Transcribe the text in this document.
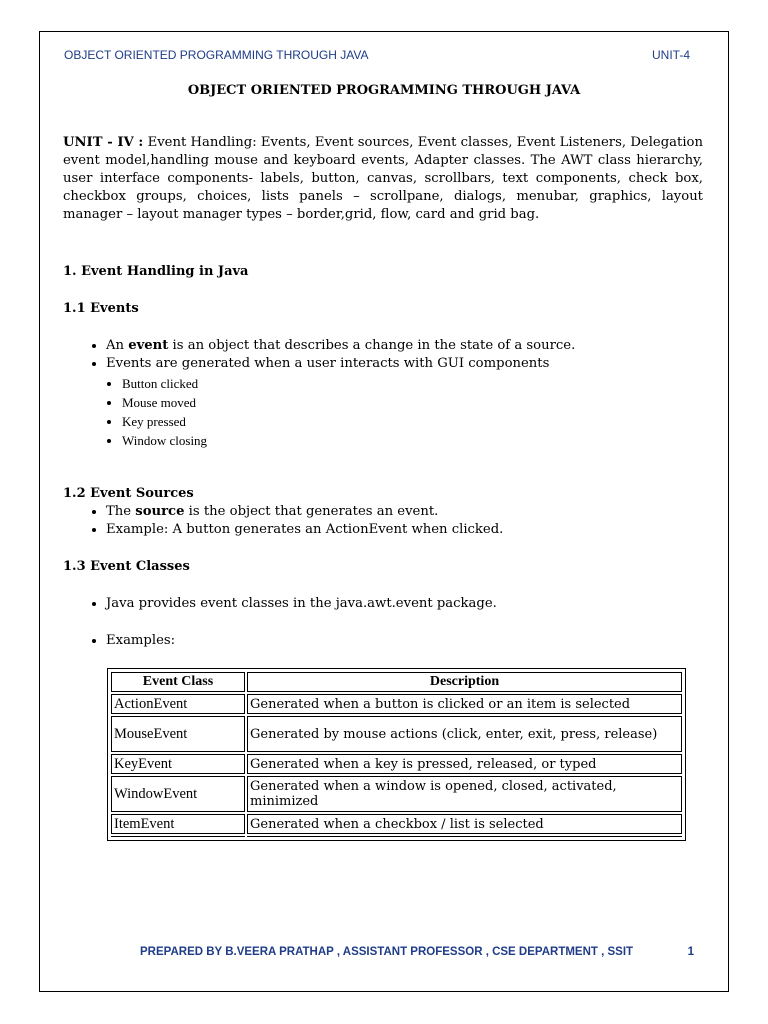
OBJECT ORIENTED PROGRAMMING THROUGH JAVA	UNIT-4
OBJECT ORIENTED PROGRAMMING THROUGH JAVA

UNIT - IV : Event Handling: Events, Event sources, Event classes, Event Listeners, Delegation event model,handling mouse and keyboard events, Adapter classes. The AWT class hierarchy, user interface components- labels, button, canvas, scrollbars, text components, check box, checkbox groups, choices, lists panels – scrollpane, dialogs, menubar, graphics, layout manager – layout manager types – border,grid, flow, card and grid bag.

1. Event Handling in Java
1.1 Events
• An event is an object that describes a change in the state of a source.
• Events are generated when a user interacts with GUI components
• Button clicked
• Mouse moved
• Key pressed
• Window closing
1.2 Event Sources
• The source is the object that generates an event.
• Example: A button generates an ActionEvent when clicked.
1.3 Event Classes
• Java provides event classes in the java.awt.event package.
• Examples:
Event Class	Description
ActionEvent	Generated when a button is clicked or an item is selected
MouseEvent	Generated by mouse actions (click, enter, exit, press, release)
KeyEvent	Generated when a key is pressed, released, or typed
WindowEvent	Generated when a window is opened, closed, activated, minimized
ItemEvent	Generated when a checkbox / list is selected

PREPARED BY B.VEERA PRATHAP , ASSISTANT PROFESSOR , CSE DEPARTMENT , SSIT	1
